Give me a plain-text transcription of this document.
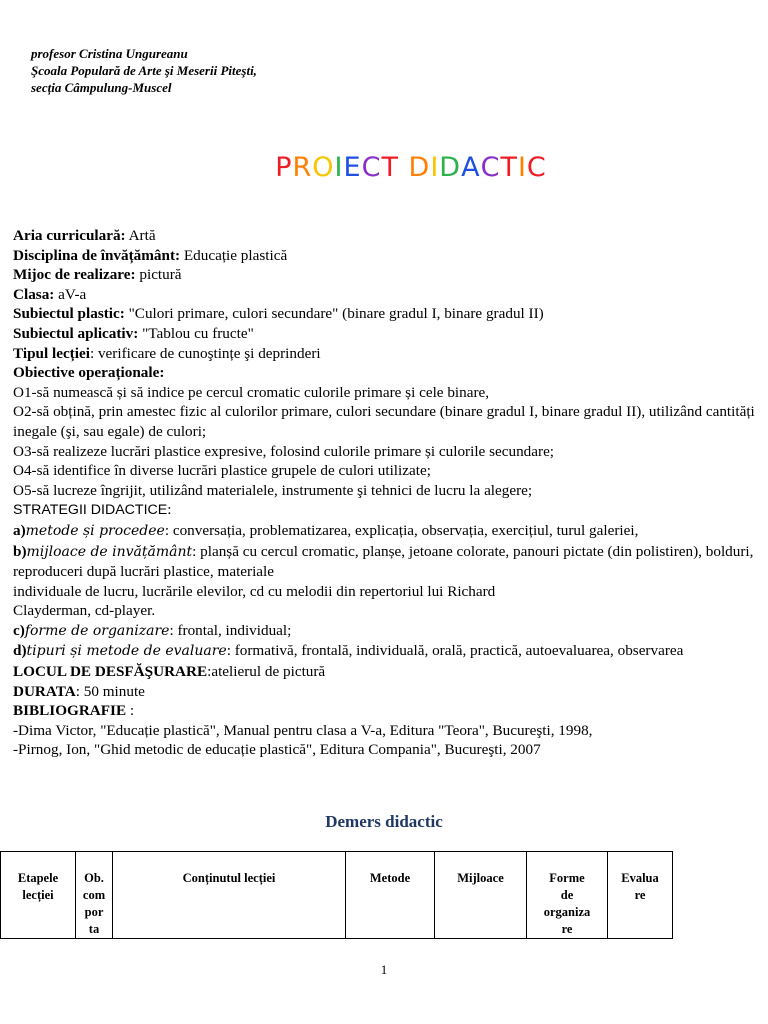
profesor Cristina Ungureanu
Şcoala Populară de Arte şi Meserii Piteşti,
secția Câmpulung-Muscel
PROIECT DIDACTIC
Aria curriculară: Artă
Disciplina de învățământ: Educație plastică
Mijoc de realizare: pictură
Clasa: aV-a
Subiectul plastic: "Culori primare, culori secundare" (binare gradul I, binare gradul II)
Subiectul aplicativ: "Tablou cu fructe"
Tipul lecției: verificare de cunoştințe şi deprinderi
Obiective operaționale:
O1-să numească și să indice pe cercul cromatic culorile primare și cele binare,
O2-să obțină, prin amestec fizic al culorilor primare, culori secundare (binare gradul I, binare gradul II), utilizând cantități inegale (şi, sau egale) de culori;
O3-să realizeze lucrări plastice expresive, folosind culorile primare și culorile secundare;
O4-să identifice în diverse lucrări plastice grupele de culori utilizate;
O5-să lucreze îngrijit, utilizând materialele, instrumente şi tehnici de lucru la alegere;
STRATEGII DIDACTICE:
a)metode și procedee: conversația, problematizarea, explicația, observația, exercițiul, turul galeriei,
b)mijloace de invățământ: planșă cu cercul cromatic, planșe, jetoane colorate, panouri pictate (din polistiren), bolduri, reproduceri după lucrări plastice, materiale
individuale de lucru, lucrările elevilor, cd cu melodii din repertoriul lui Richard
Clayderman, cd-player.
c)forme de organizare: frontal, individual;
d)tipuri și metode de evaluare: formativă, frontală, individuală, orală, practică, autoevaluarea, observarea
LOCUL DE DESFĂŞURARE:atelierul de pictură
DURATA: 50 minute
BIBLIOGRAFIE :
-Dima Victor, "Educație plastică", Manual pentru clasa a V-a, Editura "Teora", Bucureşti, 1998,
-Pirnog, Ion, "Ghid metodic de educație plastică", Editura Compania", Bucureşti, 2007
Demers didactic
Etapele
lecției	Ob.
com
por
ta	Conținutul lecției	Metode	Mijloace	Forme
de
organiza
re	Evalua
re
1
